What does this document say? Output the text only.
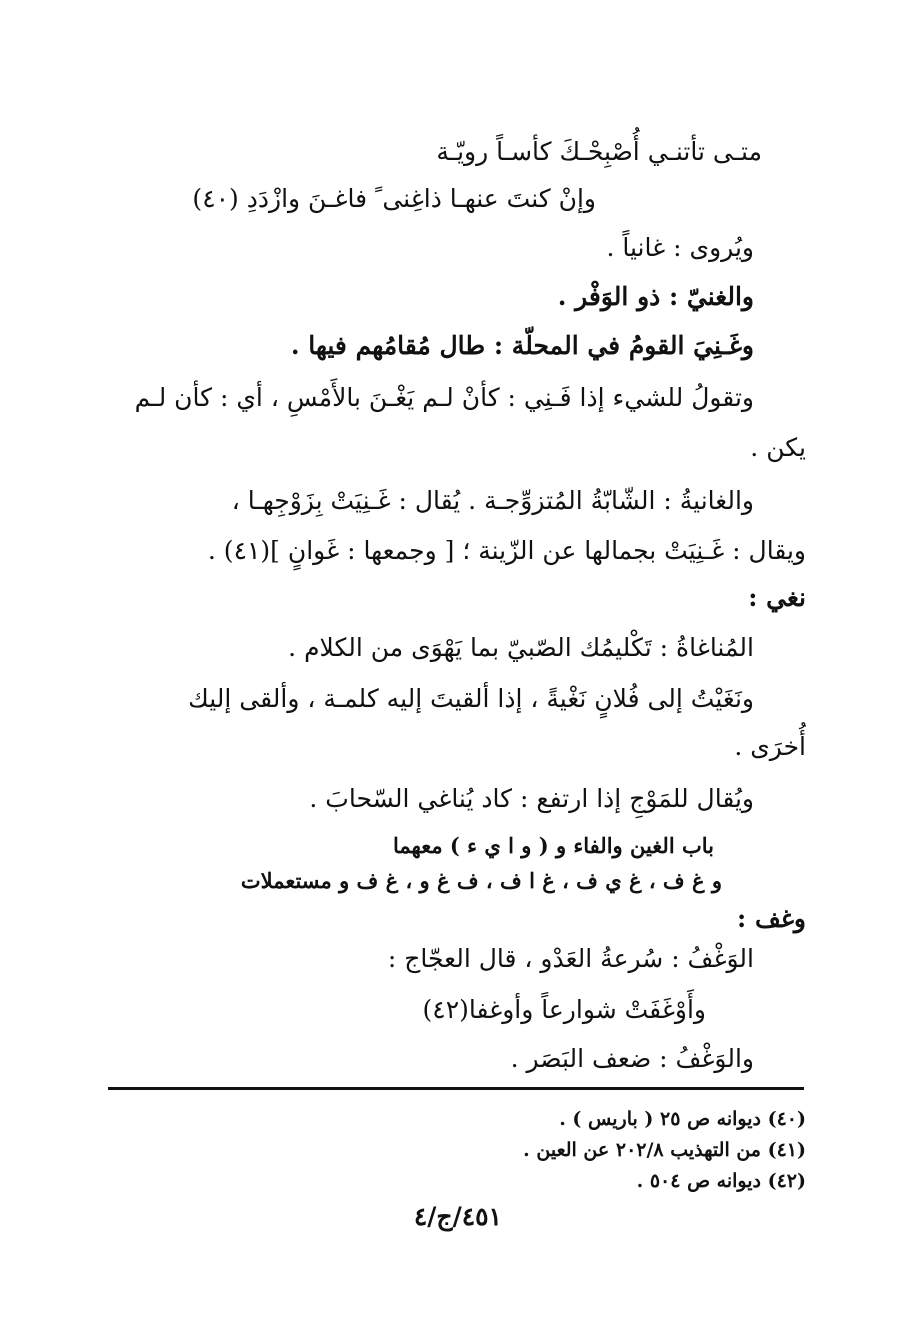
متـى تأتنـي أُصْبِحْـكَ كأسـاً رويّـة
وإنْ كنتَ عنهـا ذاغِنى ً فاغـنَ وازْدَدِ (٤٠)
ويُروى : غانياً .
والغنيّ : ذو الوَفْر .
وغَـنِيَ القومُ في المحلّة : طال مُقامُهم فيها .
وتقولُ للشيء إذا فَـنِي : كأنْ لـم يَغْـنَ بالأَمْسِ ، أي : كأن لـم
يكن .
والغانيةُ : الشّابّةُ المُتزوِّجـة . يُقال : غَـنِيَتْ بِزَوْجِهـا ،
ويقال : غَـنِيَتْ بجمالها عن الزّينة ؛ [ وجمعها : غَوانٍ ](٤١) .
نغي :
المُناغاةُ : تَكْليمُك الصّبيّ بما يَهْوَى من الكلام .
ونَغَيْتُ إلى فُلانٍ نَغْيةً ، إذا ألقيتَ إليه كلمـة ، وألقى إليك
أُخرَى .
ويُقال للمَوْجِ إذا ارتفع : كاد يُناغي السّحابَ .
باب الغين والفاء و ( و ا ي ء ) معهما
و غ ف ، غ ي ف ، غ ا ف ، ف غ و ، غ ف و مستعملات
وغف :
الوَغْفُ : سُرعةُ العَدْو ، قال العجّاج :
وأَوْغَفَتْ شوارعاً وأوغفا(٤٢)
والوَغْفُ : ضعف البَصَر .
(٤٠) ديوانه ص ٢٥ ( باريس ) .
(٤١) من التهذيب ٢٠٢/٨ عن العين .
(٤٢) ديوانه ص ٥٠٤ .
٤٥١/ج/٤
